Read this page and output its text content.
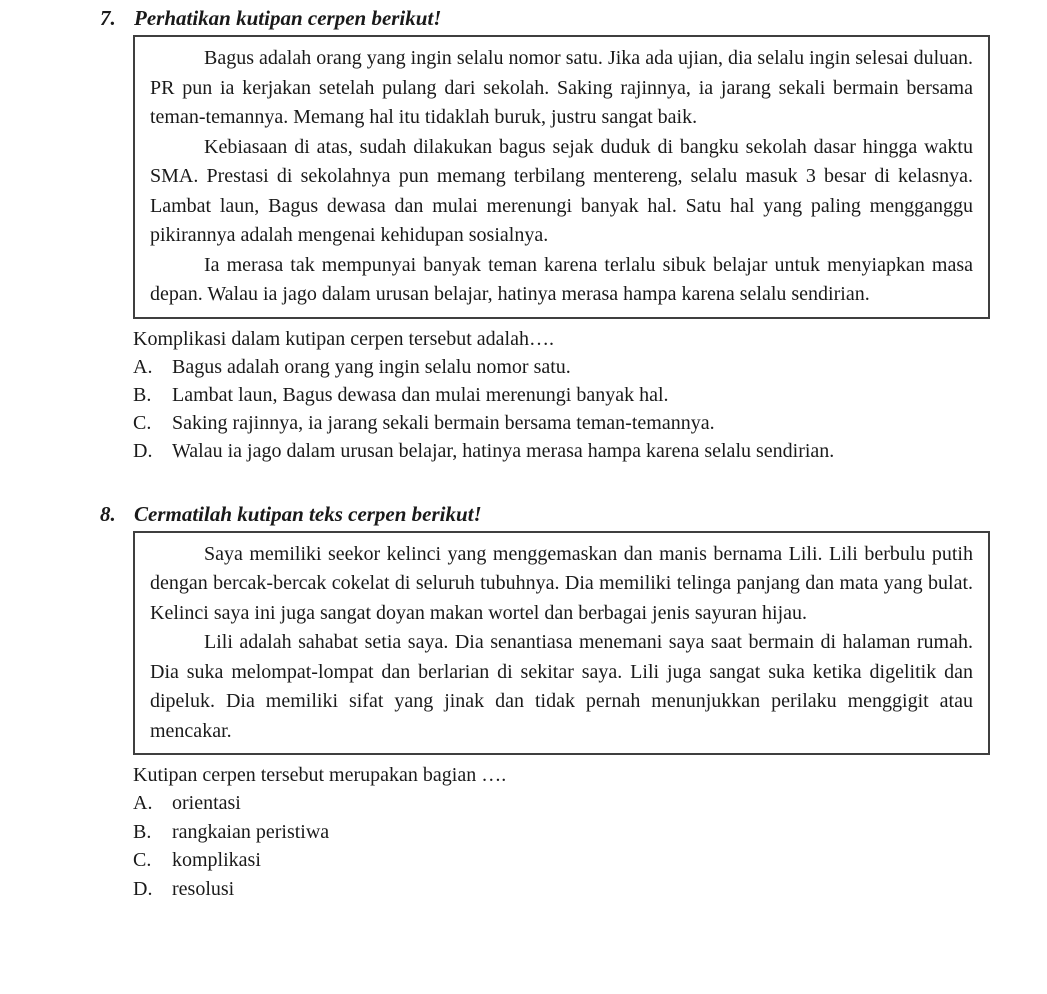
7. Perhatikan kutipan cerpen berikut!

Bagus adalah orang yang ingin selalu nomor satu. Jika ada ujian, dia selalu ingin selesai duluan. PR pun ia kerjakan setelah pulang dari sekolah. Saking rajinnya, ia jarang sekali bermain bersama teman-temannya. Memang hal itu tidaklah buruk, justru sangat baik.

Kebiasaan di atas, sudah dilakukan bagus sejak duduk di bangku sekolah dasar hingga waktu SMA. Prestasi di sekolahnya pun memang terbilang mentereng, selalu masuk 3 besar di kelasnya. Lambat laun, Bagus dewasa dan mulai merenungi banyak hal. Satu hal yang paling mengganggu pikirannya adalah mengenai kehidupan sosialnya.

Ia merasa tak mempunyai banyak teman karena terlalu sibuk belajar untuk menyiapkan masa depan. Walau ia jago dalam urusan belajar, hatinya merasa hampa karena selalu sendirian.

Komplikasi dalam kutipan cerpen tersebut adalah….
A. Bagus adalah orang yang ingin selalu nomor satu.
B.	Lambat laun, Bagus dewasa dan mulai merenungi banyak hal.
C.	Saking rajinnya, ia jarang sekali bermain bersama teman-temannya.
D. Walau ia jago dalam urusan belajar, hatinya merasa hampa karena selalu sendirian.
8. Cermatilah kutipan teks cerpen berikut!

Saya memiliki seekor kelinci yang menggemaskan dan manis bernama Lili. Lili berbulu putih dengan bercak-bercak cokelat di seluruh tubuhnya. Dia memiliki telinga panjang dan mata yang bulat. Kelinci saya ini juga sangat doyan makan wortel dan berbagai jenis sayuran hijau.

Lili adalah sahabat setia saya. Dia senantiasa menemani saya saat bermain di halaman rumah. Dia suka melompat-lompat dan berlarian di sekitar saya. Lili juga sangat suka ketika digelitik dan dipeluk. Dia memiliki sifat yang jinak dan tidak pernah menunjukkan perilaku menggigit atau mencakar.

Kutipan cerpen tersebut merupakan bagian ….
A. orientasi
B.	rangkaian peristiwa
C.	komplikasi
D. resolusi
